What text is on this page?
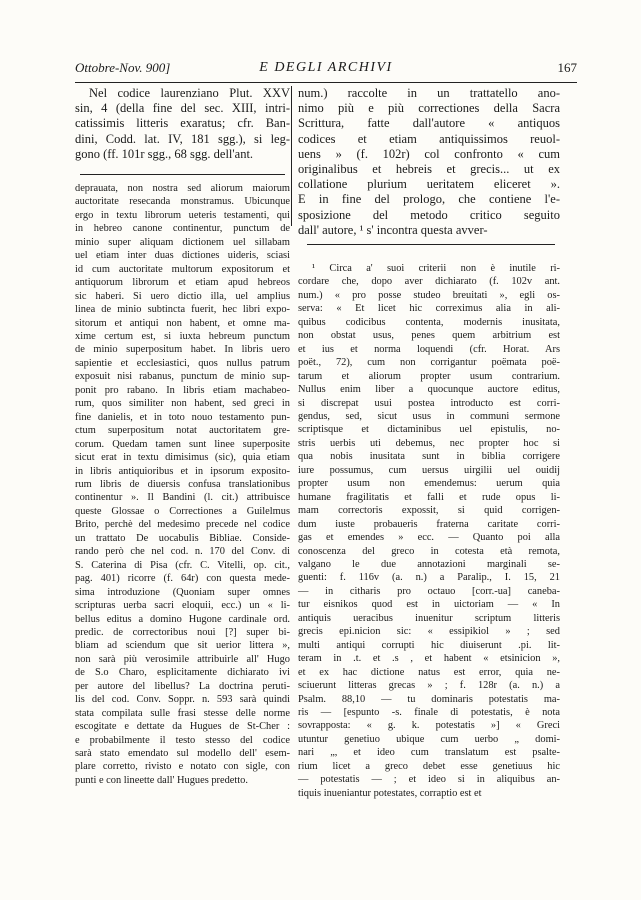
Ottobre-Nov. 900]	E DEGLI ARCHIVI	167
Nel codice laurenziano Plut. XXV
sin, 4 (della fine del sec. XIII, intri-
catissimis litteris exaratus; cfr. Ban-
dini, Codd. lat. IV, 181 sgg.), si leg-
gono (ff. 101r sgg., 68 sgg. dell'ant.
deprauata, non nostra sed aliorum maiorum
auctoritate resecanda monstramus. Ubicunque
ergo in textu librorum ueteris testamenti, qui
in hebreo canone continentur, punctum de
minio super aliquam dictionem uel sillabam
uel etiam inter duas dictiones uideris, sciasi
id cum auctoritate multorum expositorum et
antiquorum librorum et etiam apud hebreos
sic haberi. Si uero dictio illa, uel amplius
linea de minio subtincta fuerit, hec libri expo-
sitorum et antiqui non habent, et omne ma-
xime certum est, si iuxta hebreum punctum
de minio superpositum habet. In libris uero
sapientie et ecclesiastici, quos nullus patrum
exposuit nisi rabanus, punctum de minio sup-
ponit pro rabano. In libris etiam machabeo-
rum, quos similiter non habent, sed greci in
fine danielis, et in toto nouo testamento pun-
ctum superpositum notat auctoritatem gre-
corum. Quedam tamen sunt linee superposite
sicut erat in textu dimisimus (sic), quia etiam
in libris antiquioribus et in ipsorum exposito-
rum libris de diuersis confusa translationibus
continentur ». Il Bandini (l. cit.) attribuisce
queste Glossae o Correctiones a Guilelmus
Brito, perchè del medesimo precede nel codice
un trattato De uocabulis Bibliae. Conside-
rando però che nel cod. n. 170 del Conv. di
S. Caterina di Pisa (cfr. C. Vitelli, op. cit.,
pag. 401) ricorre (f. 64r) con questa mede-
sima introduzione (Quoniam super omnes
scripturas uerba sacri eloquii, ecc.) un « li-
bellus editus a domino Hugone cardinale ord.
predic. de correctoribus noui [?] super bi-
bliam ad sciendum que sit uerior littera »,
non sarà più verosimile attribuirle all' Hugo
de S.o Charo, esplicitamente dichiarato ivi
per autore del libellus? La doctrina peruti-
lis del cod. Conv. Soppr. n. 593 sarà quindi
stata compilata sulle frasi stesse delle norme
escogitate e dettate da Hugues de St-Cher :
e probabilmente il testo stesso del codice
sarà stato emendato sul modello dell' esem-
plare corretto, rivisto e notato con sigle, con
punti e con lineette dall' Hugues predetto.
num.) raccolte in un trattatello ano-
nimo più e più correctiones della Sacra
Scrittura, fatte dall'autore « antiquos
codices et etiam antiquissimos reuol-
uens » (f. 102r) col confronto « cum
originalibus et hebreis et grecis... ut ex
collatione plurium ueritatem eliceret ».
E in fine del prologo, che contiene l'e-
sposizione del metodo critico seguito
dall' autore, ¹ s' incontra questa avver-
¹ Circa a' suoi criterii non è inutile ri-
cordare che, dopo aver dichiarato (f. 102v ant.
num.) « pro posse studeo breuitati », egli os-
serva: « Et licet hic correximus alia in ali-
quibus codicibus contenta, modernis inusitata,
non obstat usus, penes quem arbitrium est
et ius et norma loquendi (cfr. Horat. Ars
poët., 72), cum non corrigantur poëmata poë-
tarum et aliorum propter usum contrarium.
Nullus enim liber a quocunque auctore editus,
si discrepat usui postea introducto est corri-
gendus, sed, sicut usus in communi sermone
scriptisque et dictaminibus uel epistulis, no-
stris uerbis uti debemus, nec propter hoc si
qua nobis inusitata sunt in biblia corrigere
iure possumus, cum uersus uirgilii uel ouidij
propter usum non emendemus: uerum quia
humane fragilitatis et falli et rude opus li-
mam correctoris expossit, si quid corrigen-
dum iuste probaueris fraterna caritate corri-
gas et emendes » ecc. — Quanto poi alla
conoscenza del greco in cotesta età remota,
valgano le due annotazioni marginali se-
guenti: f. 116v (a. n.) a Paralip., I. 15, 21
— in citharis pro octauo [corr.-ua] caneba-
tur eisnikos quod est in uictoriam — « In
antiquis ueracibus inuenitur scriptum litteris
grecis epi.nicion sic: « essipikiol » ; sed
multi antiqui corrupti hic diuiserunt .pi. lit-
teram in .t. et .s , et habent « etsinicion »,
et ex hac dictione natus est error, quia ne-
sciuerunt litteras grecas » ; f. 128r (a. n.) a
Psalm. 88,10 — tu dominaris potestatis ma-
ris — [espunto -s. finale di potestatis, è nota
sovrapposta: « g. k. potestatis »] « Greci
utuntur genetiuo ubique cum uerbo „ domi-
nari „, et ideo cum translatum est psalte-
rium licet a greco debet esse genetiuus hic
— potestatis — ; et ideo si in aliquibus an-
tiquis inueniantur potestates, corraptio est et
